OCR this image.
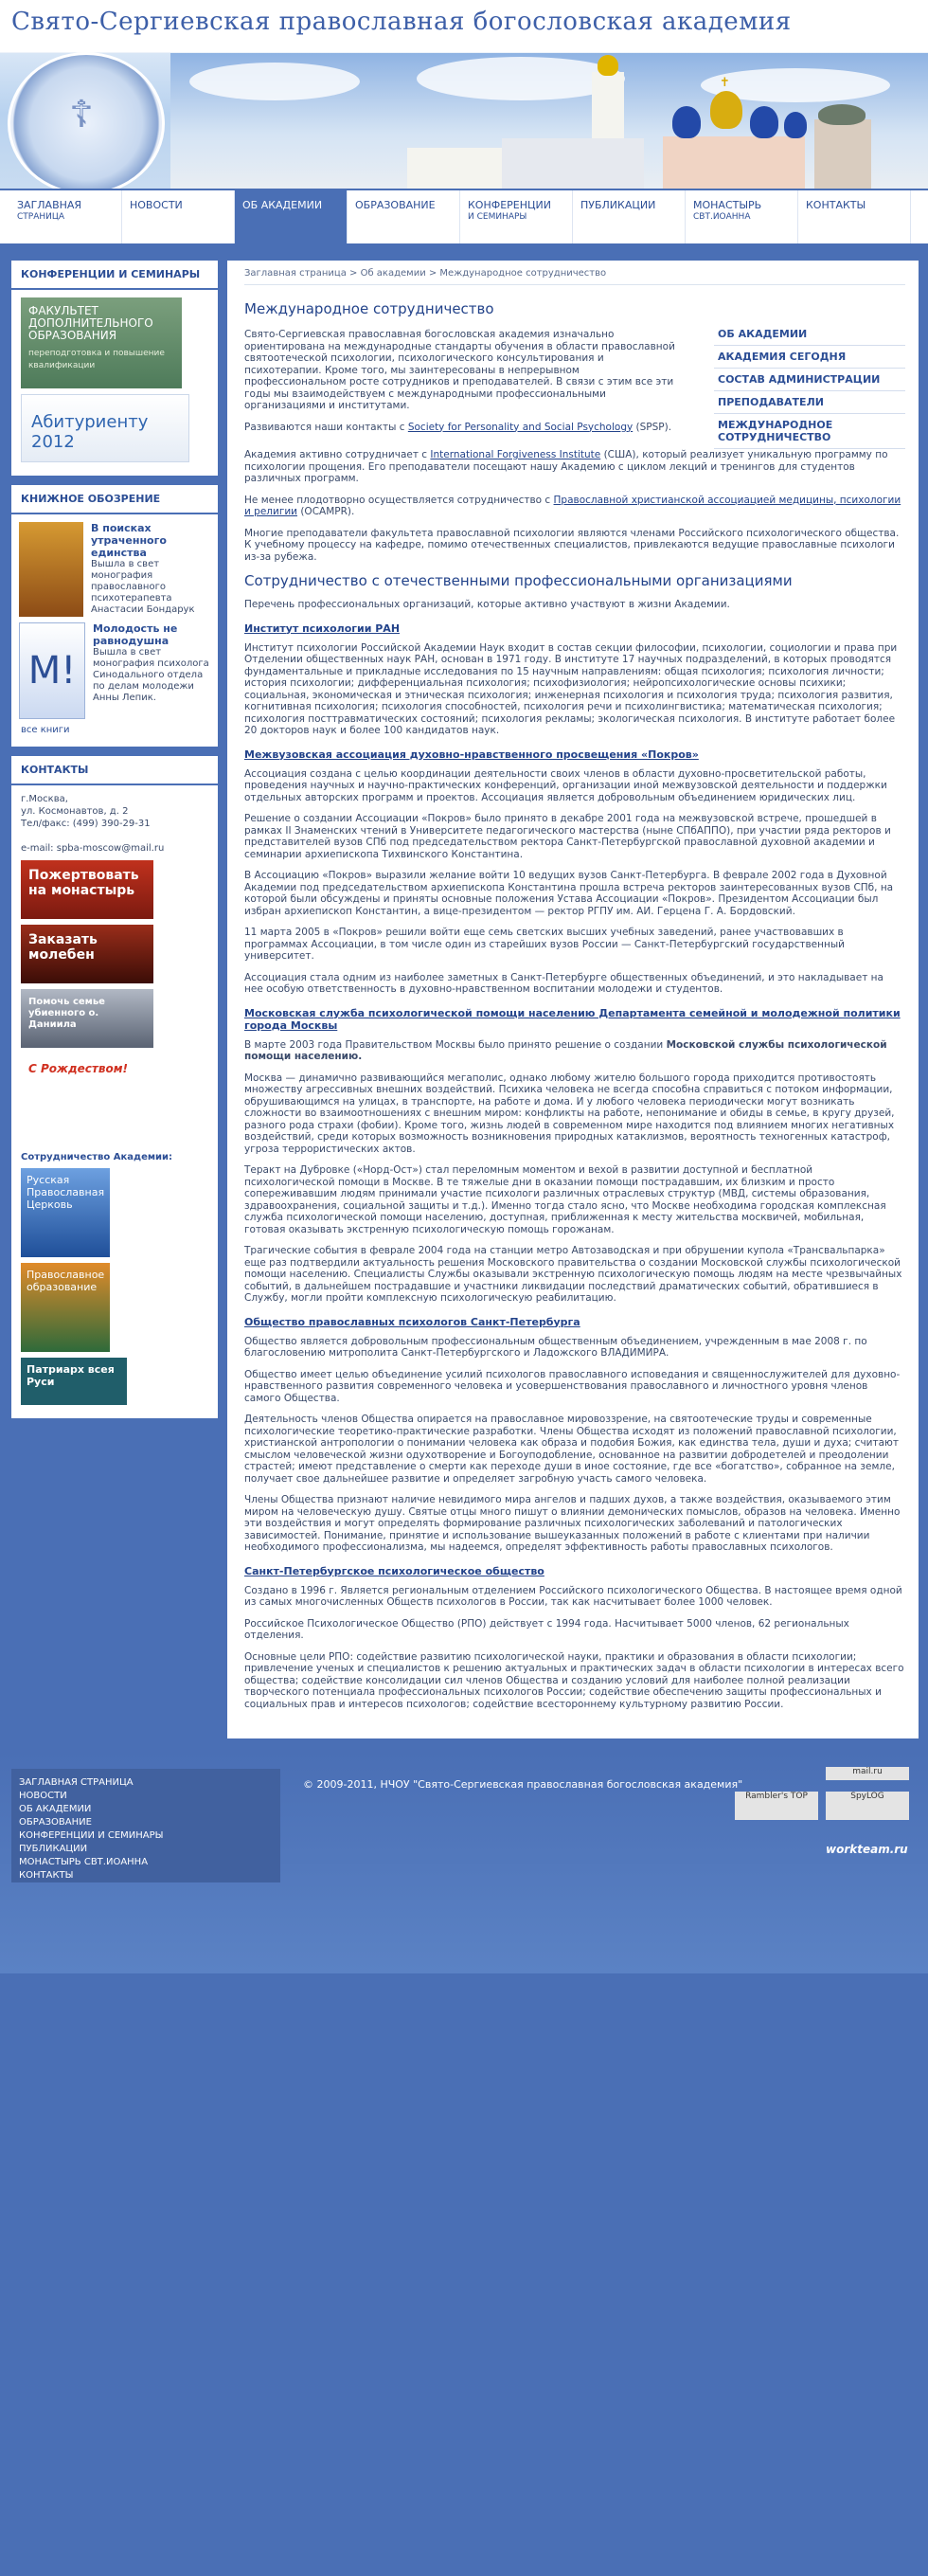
✝
Свято-Сергиевская православная богословская академия
☦
ЗАГЛАВНАЯ
СТРАНИЦА
НОВОСТИ	ОБ АКАДЕМИИ	ОБРАЗОВАНИЕ	КОНФЕРЕНЦИИ
И СЕМИНАРЫ
ПУБЛИКАЦИИ	МОНАСТЫРЬ
СВТ.ИОАННА
КОНТАКТЫ
КОНФЕРЕНЦИИ И СЕМИНАРЫ
ФАКУЛЬТЕТ ДОПОЛНИТЕЛЬНОГО ОБРАЗОВАНИЯ
переподготовка и повышение квалификации
Абитуриенту 2012
КНИЖНОЕ ОБОЗРЕНИЕ
В поисках утраченного единства
Вышла в свет монография православного психотерапевта Анастасии Бондарук
M!
Молодость не равнодушна
Вышла в свет монография психолога Синодального отдела по делам молодежи Анны Лепик.
все книги
КОНТАКТЫ
г.Москва,
ул. Космонавтов, д. 2
Тел/факс: (499) 390-29-31

e-mail: spba-moscow@mail.ru
Пожертвовать на монастырь
Заказать молебен
Помочь семье убиенного о. Даниила
С Рождеством!
Сотрудничество Академии:
Русская Православная Церковь
Православное образование
Патриарх всея Руси
Заглавная страница > Об академии > Международное сотрудничество
Международное сотрудничество

Свято-Сергиевская православная богословская академия изначально ориентирована на международные стандарты обучения в области православной святоотеческой психологии, психологического консультирования и психотерапии. Кроме того, мы заинтересованы в непрерывном профессиональном росте сотрудников и преподавателей. В связи с этим все эти годы мы взаимодействуем с международными профессиональными организациями и институтами.

Развиваются наши контакты с Society for Personality and Social Psychology (SPSP).

ОБ АКАДЕМИИ
АКАДЕМИЯ СЕГОДНЯ
СОСТАВ АДМИНИСТРАЦИИ
ПРЕПОДАВАТЕЛИ
МЕЖДУНАРОДНОЕ СОТРУДНИЧЕСТВО

Академия активно сотрудничает с International Forgiveness Institute (США), который реализует уникальную программу по психологии прощения. Его преподаватели посещают нашу Академию с циклом лекций и тренингов для студентов различных программ.

Не менее плодотворно осуществляется сотрудничество с Православной христианской ассоциацией медицины, психологии и религии (OCAMPR).

Многие преподаватели факультета православной психологии являются членами Российского психологического общества. К учебному процессу на кафедре, помимо отечественных специалистов, привлекаются ведущие православные психологи из-за рубежа.

Сотрудничество с отечественными профессиональными организациями

Перечень профессиональных организаций, которые активно участвуют в жизни Академии.

Институт психологии РАН

Институт психологии Российской Академии Наук входит в состав секции философии, психологии, социологии и права при Отделении общественных наук РАН, основан в 1971 году. В институте 17 научных подразделений, в которых проводятся фундаментальные и прикладные исследования по 15 научным направлениям: общая психология; психология личности; история психологии; дифференциальная психология; психофизиология; нейропсихологические основы психики; социальная, экономическая и этническая психология; инженерная психология и психология труда; психология развития, когнитивная психология; психология способностей, психология речи и психолингвистика; математическая психология; психология посттравматических состояний; психология рекламы; экологическая психология. В институте работает более 20 докторов наук и более 100 кандидатов наук.

Межвузовская ассоциация духовно-нравственного просвещения «Покров»

Ассоциация создана с целью координации деятельности своих членов в области духовно-просветительской работы, проведения научных и научно-практических конференций, организации иной межвузовской деятельности и поддержки отдельных авторских программ и проектов. Ассоциация является добровольным объединением юридических лиц.

Решение о создании Ассоциации «Покров» было принято в декабре 2001 года на межвузовской встрече, прошедшей в рамках II Знаменских чтений в Университете педагогического мастерства (ныне СПбАППО), при участии ряда ректоров и представителей вузов СПб под председательством ректора Санкт-Петербургской православной духовной академии и семинарии архиепископа Тихвинского Константина.

В Ассоциацию «Покров» выразили желание войти 10 ведущих вузов Санкт-Петербурга. В феврале 2002 года в Духовной Академии под председательством архиепископа Константина прошла встреча ректоров заинтересованных вузов СПб, на которой были обсуждены и приняты основные положения Устава Ассоциации «Покров». Президентом Ассоциации был избран архиепископ Константин, а вице-президентом — ректор РГПУ им. АИ. Герцена Г. А. Бордовский.

11 марта 2005 в «Покров» решили войти еще семь светских высших учебных заведений, ранее участвовавших в программах Ассоциации, в том числе один из старейших вузов России — Санкт-Петербургский государственный университет.

Ассоциация стала одним из наиболее заметных в Санкт-Петербурге общественных объединений, и это накладывает на нее особую ответственность в духовно-нравственном воспитании молодежи и студентов.

Московская служба психологической помощи населению Департамента семейной и молодежной политики города Москвы

В марте 2003 года Правительством Москвы было принято решение о создании Московской службы психологической помощи населению.

Москва — динамично развивающийся мегаполис, однако любому жителю большого города приходится противостоять множеству агрессивных внешних воздействий. Психика человека не всегда способна справиться с потоком информации, обрушивающимся на улицах, в транспорте, на работе и дома. И у любого человека периодически могут возникать сложности во взаимоотношениях с внешним миром: конфликты на работе, непонимание и обиды в семье, в кругу друзей, разного рода страхи (фобии). Кроме того, жизнь людей в современном мире находится под влиянием многих негативных воздействий, среди которых возможность возникновения природных катаклизмов, вероятность техногенных катастроф, угроза террористических актов.

Теракт на Дубровке («Норд-Ост») стал переломным моментом и вехой в развитии доступной и бесплатной психологической помощи в Москве. В те тяжелые дни в оказании помощи пострадавшим, их близким и просто сопереживавшим людям принимали участие психологи различных отраслевых структур (МВД, системы образования, здравоохранения, социальной защиты и т.д.). Именно тогда стало ясно, что Москве необходима городская комплексная служба психологической помощи населению, доступная, приближенная к месту жительства москвичей, мобильная, готовая оказывать экстренную психологическую помощь горожанам.

Трагические события в феврале 2004 года на станции метро Автозаводская и при обрушении купола «Трансвальпарка» еще раз подтвердили актуальность решения Московского правительства о создании Московской службы психологической помощи населению. Специалисты Службы оказывали экстренную психологическую помощь людям на месте чрезвычайных событий, в дальнейшем пострадавшие и участники ликвидации последствий драматических событий, обратившиеся в Службу, могли пройти комплексную психологическую реабилитацию.

Общество православных психологов Санкт-Петербурга

Общество является добровольным профессиональным общественным объединением, учрежденным в мае 2008 г. по благословению митрополита Санкт-Петербургского и Ладожского ВЛАДИМИРА.

Общество имеет целью объединение усилий психологов православного исповедания и священнослужителей для духовно-нравственного развития современного человека и усовершенствования православного и личностного уровня членов самого Общества.

Деятельность членов Общества опирается на православное мировоззрение, на святоотеческие труды и современные психологические теоретико-практические разработки. Члены Общества исходят из положений православной психологии, христианской антропологии о понимании человека как образа и подобия Божия, как единства тела, души и духа; считают смыслом человеческой жизни одухотворение и Богоуподобление, основанное на развитии добродетелей и преодолении страстей; имеют представление о смерти как переходе души в иное состояние, где все «богатство», собранное на земле, получает свое дальнейшее развитие и определяет загробную участь самого человека.

Члены Общества признают наличие невидимого мира ангелов и падших духов, а также воздействия, оказываемого этим миром на человеческую душу. Святые отцы много пишут о влиянии демонических помыслов, образов на человека. Именно эти воздействия и могут определять формирование различных психологических заболеваний и патологических зависимостей. Понимание, принятие и использование вышеуказанных положений в работе с клиентами при наличии необходимого профессионализма, мы надеемся, определят эффективность работы православных психологов.

Санкт-Петербургское психологическое общество

Создано в 1996 г. Является региональным отделением Российского психологического Общества. В настоящее время одной из самых многочисленных Обществ психологов в России, так как насчитывает более 1000 человек.

Российское Психологическое Общество (РПО) действует с 1994 года. Насчитывает 5000 членов, 62 региональных отделения.

Основные цели РПО: содействие развитию психологической науки, практики и образования в области психологии; привлечение ученых и специалистов к решению актуальных и практических задач в области психологии в интересах всего общества; содействие консолидации сил членов Общества и созданию условий для наиболее полной реализации творческого потенциала профессиональных психологов России; содействие обеспечению защиты профессиональных и социальных прав и интересов психологов; содействие всестороннему культурному развитию России.

ЗАГЛАВНАЯ СТРАНИЦА
НОВОСТИ
ОБ АКАДЕМИИ
ОБРАЗОВАНИЕ
КОНФЕРЕНЦИИ И СЕМИНАРЫ
ПУБЛИКАЦИИ
МОНАСТЫРЬ СВТ.ИОАННА
КОНТАКТЫ
© 2009-2011, НЧОУ "Свято-Сергиевская православная богословская академия"
mail.ru
Rambler's TOP	SpyLOG
workteam.ru
